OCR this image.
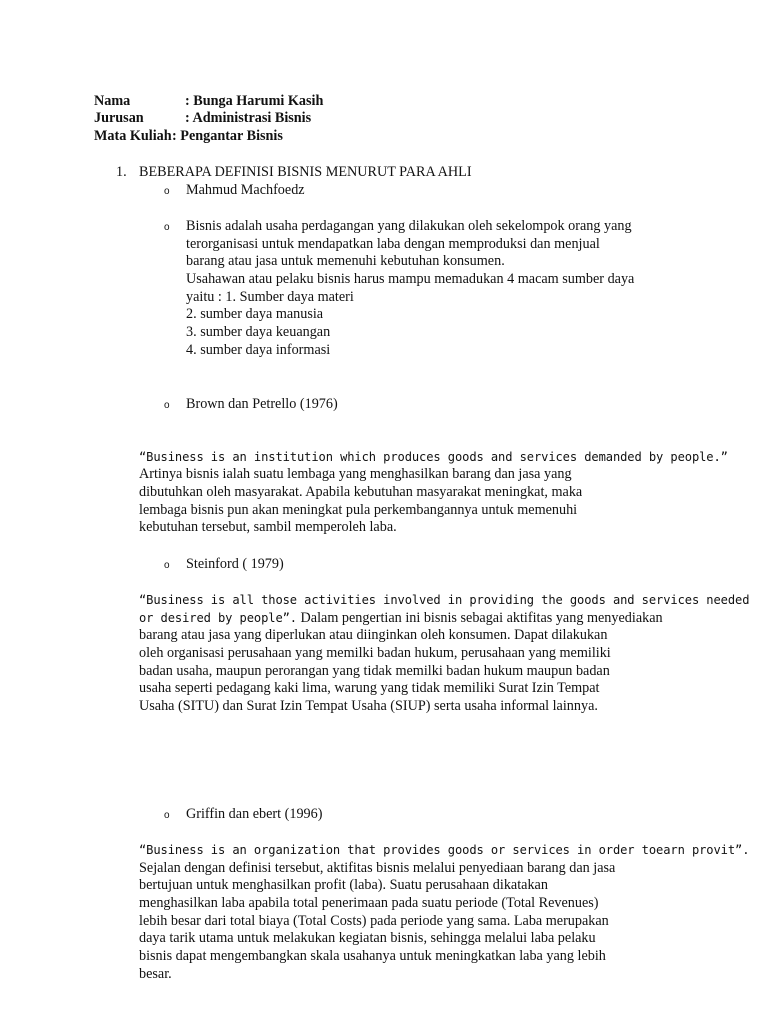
Nama	: Bunga Harumi Kasih
Jurusan	: Administrasi Bisnis
Mata Kuliah : Pengantar Bisnis
1. BEBERAPA DEFINISI BISNIS MENURUT PARA AHLI
o Mahmud Machfoedz
o Bisnis adalah usaha perdagangan yang dilakukan oleh sekelompok orang yang
terorganisasi untuk mendapatkan laba dengan memproduksi dan menjual
barang atau jasa untuk memenuhi kebutuhan konsumen.
Usahawan atau pelaku bisnis harus mampu memadukan 4 macam sumber daya
yaitu : 1. Sumber daya materi
2. sumber daya manusia
3. sumber daya keuangan
4. sumber daya informasi
o Brown dan Petrello (1976)
“Business is an institution which produces goods and services demanded by people.”
Artinya bisnis ialah suatu lembaga yang menghasilkan barang dan jasa yang
dibutuhkan oleh masyarakat. Apabila kebutuhan masyarakat meningkat, maka
lembaga bisnis pun akan meningkat pula perkembangannya untuk memenuhi
kebutuhan tersebut, sambil memperoleh laba.
o Steinford ( 1979)
“Business is all those activities involved in providing the goods and services needed
or desired by people”. Dalam pengertian ini bisnis sebagai aktifitas yang menyediakan
barang atau jasa yang diperlukan atau diinginkan oleh konsumen. Dapat dilakukan
oleh organisasi perusahaan yang memilki badan hukum, perusahaan yang memiliki
badan usaha, maupun perorangan yang tidak memilki badan hukum maupun badan
usaha seperti pedagang kaki lima, warung yang tidak memiliki Surat Izin Tempat
Usaha (SITU) dan Surat Izin Tempat Usaha (SIUP) serta usaha informal lainnya.
o Griffin dan ebert (1996)
“Business is an organization that provides goods or services in order toearn provit”.
Sejalan dengan definisi tersebut, aktifitas bisnis melalui penyediaan barang dan jasa
bertujuan untuk menghasilkan profit (laba). Suatu perusahaan dikatakan
menghasilkan laba apabila total penerimaan pada suatu periode (Total Revenues)
lebih besar dari total biaya (Total Costs) pada periode yang sama. Laba merupakan
daya tarik utama untuk melakukan kegiatan bisnis, sehingga melalui laba pelaku
bisnis dapat mengembangkan skala usahanya untuk meningkatkan laba yang lebih
besar.
